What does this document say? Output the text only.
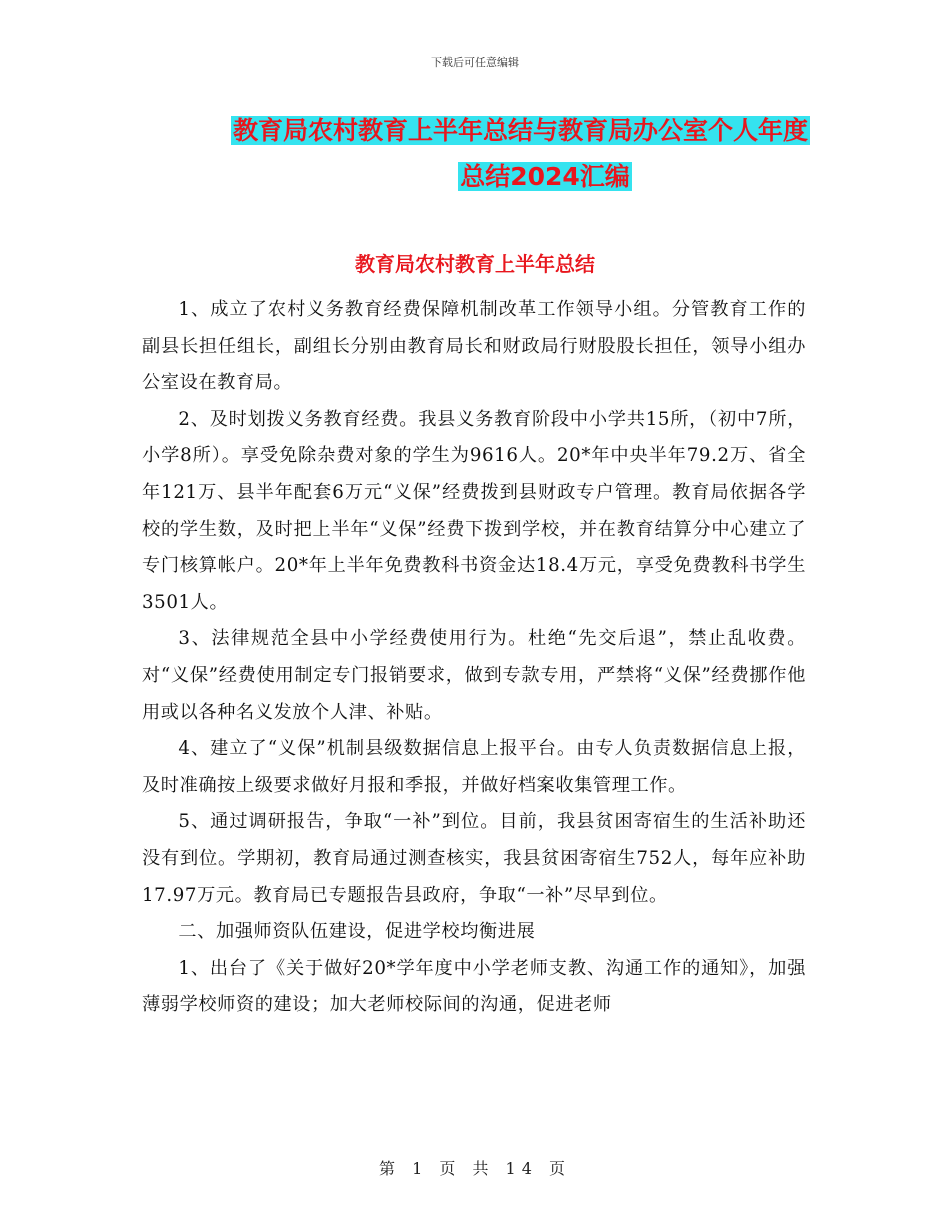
下载后可任意编辑
教育局农村教育上半年总结与教育局办公室个人年度

总结2024汇编
教育局农村教育上半年总结

1、成立了农村义务教育经费保障机制改革工作领导小组。分管教育工作的副县长担任组长，副组长分别由教育局长和财政局行财股股长担任，领导小组办公室设在教育局。

2、及时划拨义务教育经费。我县义务教育阶段中小学共15所，（初中7所，小学8所）。享受免除杂费对象的学生为9616人。20*年中央半年79.2万、省全年121万、县半年配套6万元“义保”经费拨到县财政专户管理。教育局依据各学校的学生数，及时把上半年“义保”经费下拨到学校，并在教育结算分中心建立了专门核算帐户。20*年上半年免费教科书资金达18.4万元，享受免费教科书学生3501人。

3、法律规范全县中小学经费使用行为。杜绝“先交后退”，禁止乱收费。对“义保”经费使用制定专门报销要求，做到专款专用，严禁将“义保”经费挪作他用或以各种名义发放个人津、补贴。

4、建立了“义保”机制县级数据信息上报平台。由专人负责数据信息上报，及时准确按上级要求做好月报和季报，并做好档案收集管理工作。

5、通过调研报告，争取“一补”到位。目前，我县贫困寄宿生的生活补助还没有到位。学期初，教育局通过测查核实，我县贫困寄宿生752人，每年应补助17.97万元。教育局已专题报告县政府，争取“一补”尽早到位。

二、加强师资队伍建设，促进学校均衡进展

1、出台了《关于做好20*学年度中小学老师支教、沟通工作的通知》，加强薄弱学校师资的建设；加大老师校际间的沟通，促进老师

第 1 页 共 14 页
